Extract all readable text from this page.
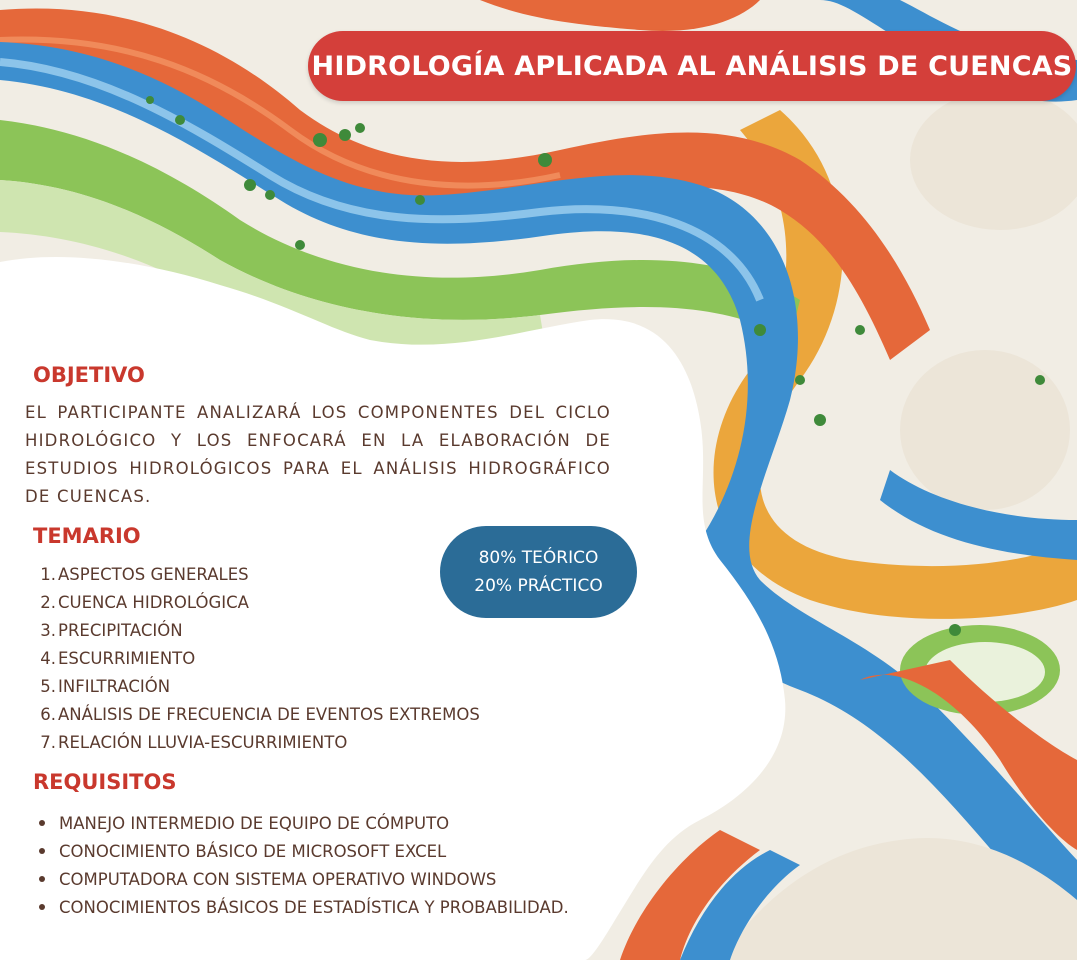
HIDROLOGÍA APLICADA AL ANÁLISIS DE CUENCAS
OBJETIVO
EL PARTICIPANTE ANALIZARÁ LOS COMPONENTES DEL CICLO HIDROLÓGICO Y LOS ENFOCARÁ EN LA ELABORACIÓN DE ESTUDIOS HIDROLÓGICOS PARA EL ANÁLISIS HIDROGRÁFICO DE CUENCAS.
TEMARIO
1. ASPECTOS GENERALES
2. CUENCA HIDROLÓGICA
3. PRECIPITACIÓN
4. ESCURRIMIENTO
5. INFILTRACIÓN
6. ANÁLISIS DE FRECUENCIA DE EVENTOS EXTREMOS
7. RELACIÓN LLUVIA-ESCURRIMIENTO
80% TEÓRICO
20% PRÁCTICO
REQUISITOS
MANEJO INTERMEDIO DE EQUIPO DE CÓMPUTO
CONOCIMIENTO BÁSICO DE MICROSOFT EXCEL
COMPUTADORA CON SISTEMA OPERATIVO WINDOWS
CONOCIMIENTOS BÁSICOS DE ESTADÍSTICA Y PROBABILIDAD.
